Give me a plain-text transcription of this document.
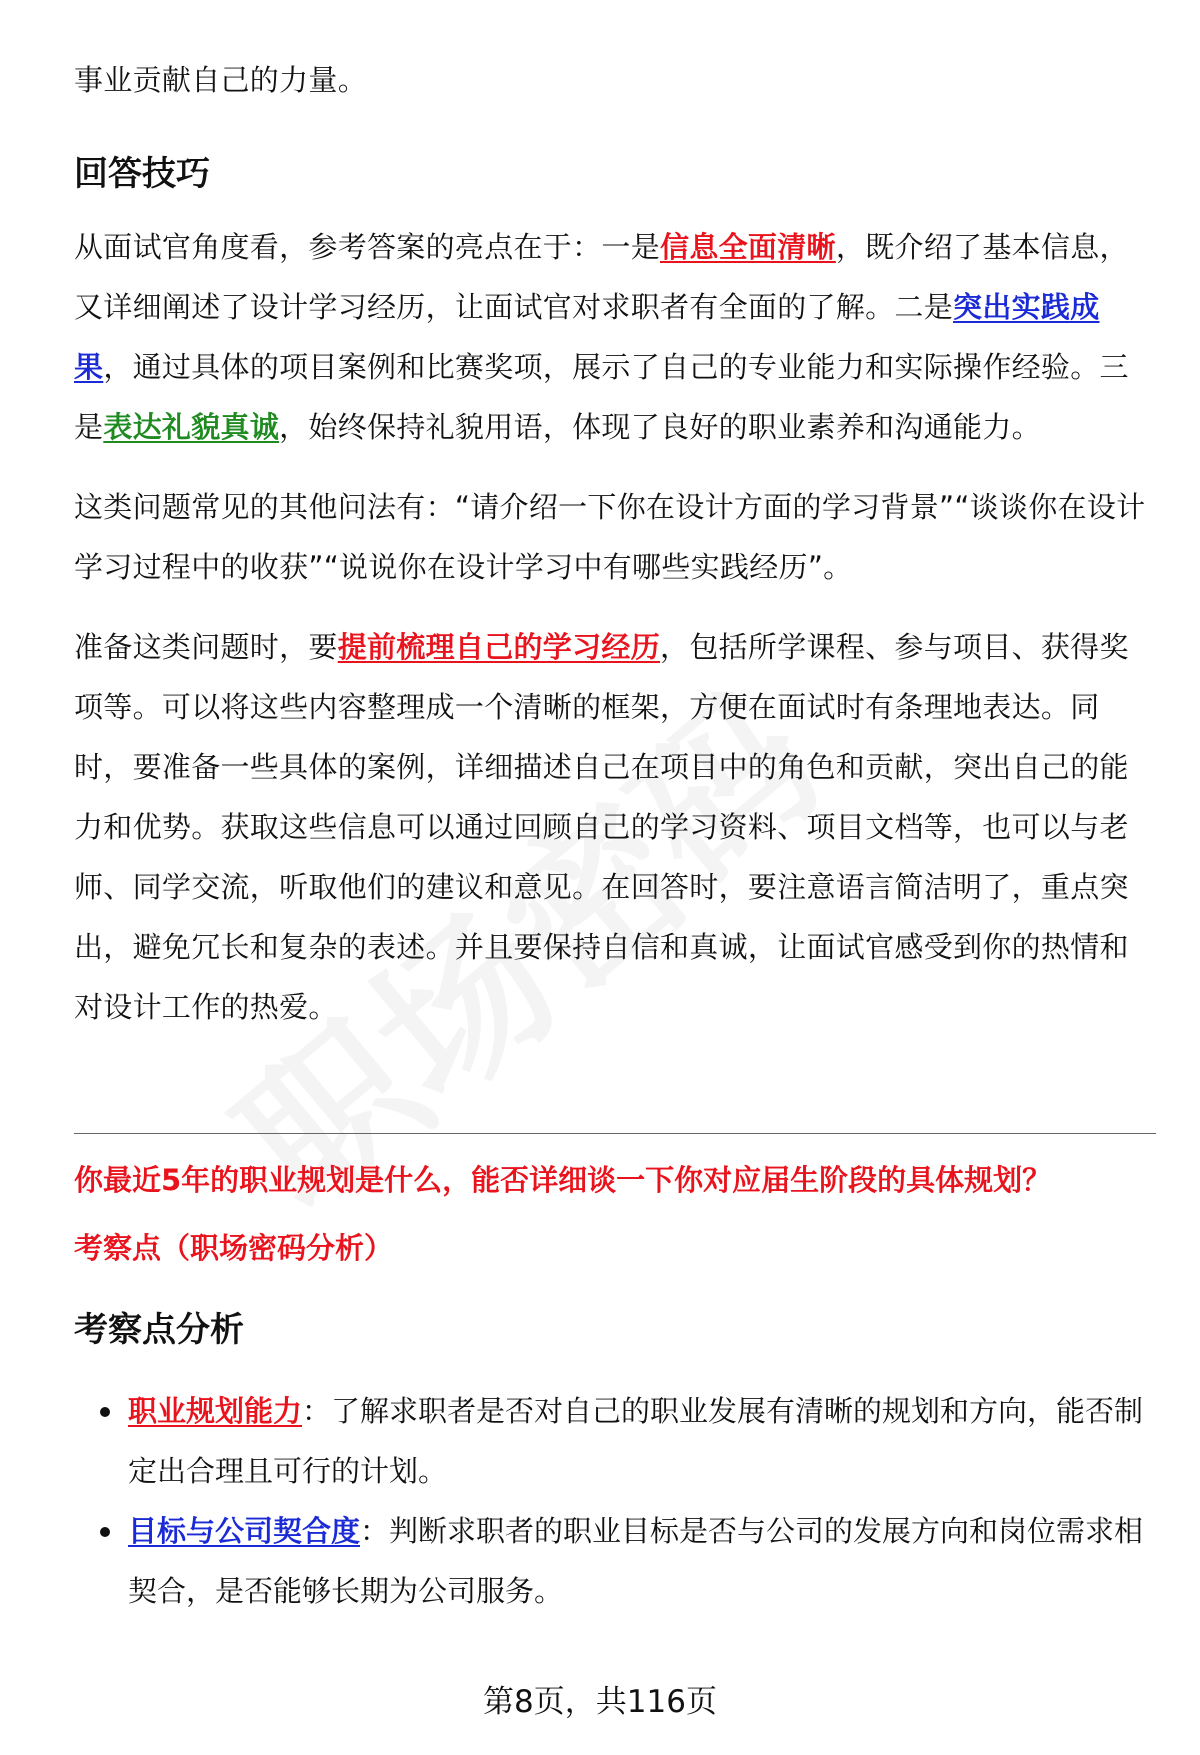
事业贡献自己的力量。

回答技巧

从面试官角度看，参考答案的亮点在于：一是信息全面清晰，既介绍了基本信息，又详细阐述了设计学习经历，让面试官对求职者有全面的了解。二是突出实践成果，通过具体的项目案例和比赛奖项，展示了自己的专业能力和实际操作经验。三是表达礼貌真诚，始终保持礼貌用语，体现了良好的职业素养和沟通能力。

这类问题常见的其他问法有：“请介绍一下你在设计方面的学习背景”“谈谈你在设计学习过程中的收获”“说说你在设计学习中有哪些实践经历”。

准备这类问题时，要提前梳理自己的学习经历，包括所学课程、参与项目、获得奖项等。可以将这些内容整理成一个清晰的框架，方便在面试时有条理地表达。同时，要准备一些具体的案例，详细描述自己在项目中的角色和贡献，突出自己的能力和优势。获取这些信息可以通过回顾自己的学习资料、项目文档等，也可以与老师、同学交流，听取他们的建议和意见。在回答时，要注意语言简洁明了，重点突出，避免冗长和复杂的表述。并且要保持自信和真诚，让面试官感受到你的热情和对设计工作的热爱。

你最近5年的职业规划是什么，能否详细谈一下你对应届生阶段的具体规划？

考察点（职场密码分析）

考察点分析
职业规划能力：了解求职者是否对自己的职业发展有清晰的规划和方向，能否制定出合理且可行的计划。
目标与公司契合度：判断求职者的职业目标是否与公司的发展方向和岗位需求相契合，是否能够长期为公司服务。
第8页，共116页
